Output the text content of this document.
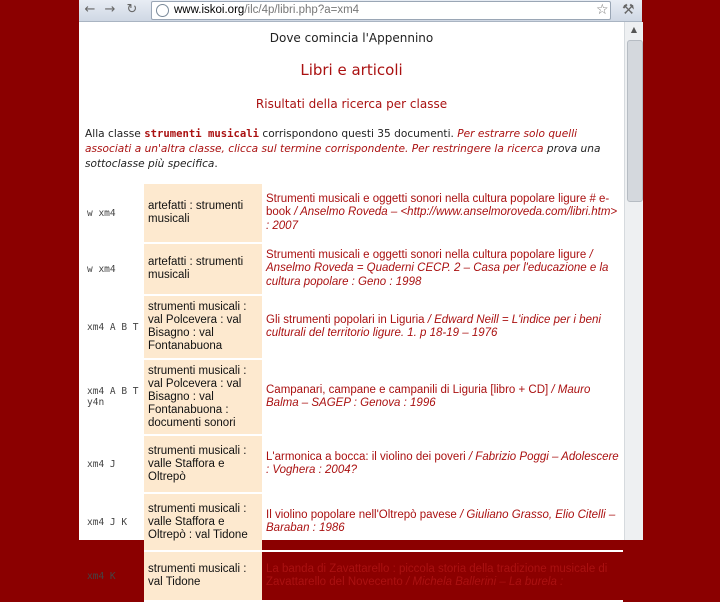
← → ↻	www.iskoi.org/ilc/4p/libri.php?a=xm4	☆ ⚒
Dove comincia l'Appennino
Libri e articoli
Risultati della ricerca per classe
Alla classe strumenti musicali corrispondono questi 35 documenti. Per estrarre solo quelli associati a un'altra classe, clicca sul termine corrispondente. Per restringere la ricerca prova una sottoclasse più specifica.
w xm4	artefatti : strumenti musicali	Strumenti musicali e oggetti sonori nella cultura popolare ligure # e-book / Anselmo Roveda – <http://www.anselmoroveda.com/libri.htm> : 2007
w xm4	artefatti : strumenti musicali	Strumenti musicali e oggetti sonori nella cultura popolare ligure / Anselmo Roveda = Quaderni CECP. 2 – Casa per l'educazione e la cultura popolare : Geno : 1998
xm4 A B T	strumenti musicali : val Polcevera : val Bisagno : val Fontanabuona	Gli strumenti popolari in Liguria / Edward Neill = L'indice per i beni culturali del territorio ligure. 1. p 18-19 – 1976
xm4 A B T y4n	strumenti musicali : val Polcevera : val Bisagno : val Fontanabuona : documenti sonori	Campanari, campane e campanili di Liguria [libro + CD] / Mauro Balma – SAGEP : Genova : 1996
xm4 J	strumenti musicali : valle Staffora e Oltrepò	L'armonica a bocca: il violino dei poveri / Fabrizio Poggi – Adolescere : Voghera : 2004?
xm4 J K	strumenti musicali : valle Staffora e Oltrepò : val Tidone	Il violino popolare nell'Oltrepò pavese / Giuliano Grasso, Elio Citelli – Baraban : 1986
xm4 K	strumenti musicali : val Tidone	La banda di Zavattarello : piccola storia della tradizione musicale di Zavattarello del Novecento / Michela Ballerini – La burela :
▲
